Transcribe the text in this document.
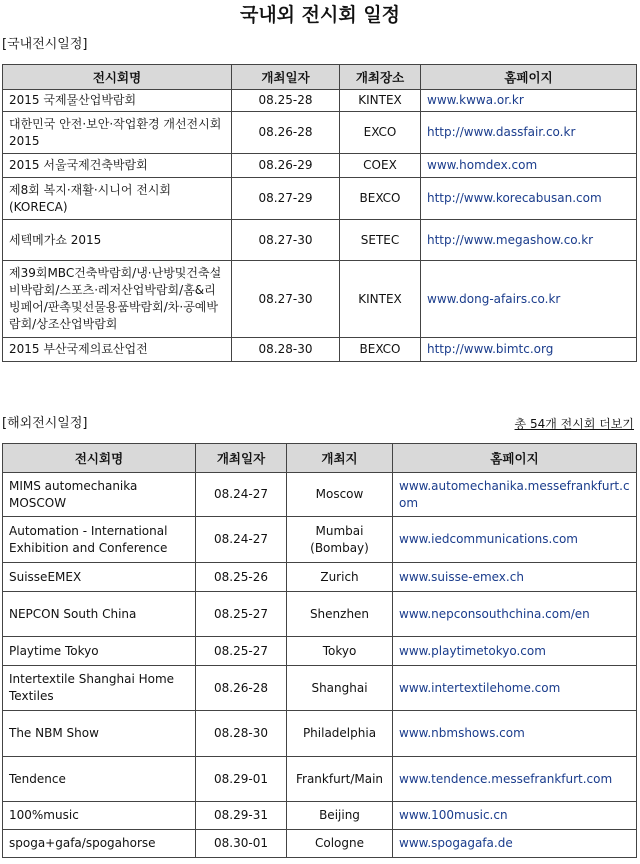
국내외 전시회 일정
[국내전시일정]
전시회명	개최일자	개최장소	홈페이지
2015 국제물산업박람회	08.25-28	KINTEX	www.kwwa.or.kr
대한민국 안전·보안·작업환경 개선전시회 2015	08.26-28	EXCO	http://www.dassfair.co.kr
2015 서울국제건축박람회	08.26-29	COEX	www.homdex.com
제8회 복지·재활·시니어 전시회(KORECA)	08.27-29	BEXCO	http://www.korecabusan.com
세텍메가쇼 2015	08.27-30	SETEC	http://www.megashow.co.kr
제39회MBC건축박람회/냉·난방및건축설비박람회/스포츠·레저산업박람회/홈&리빙페어/판촉및선물용품박람회/차·공예박람회/상조산업박람회	08.27-30	KINTEX	www.dong-afairs.co.kr
2015 부산국제의료산업전	08.28-30	BEXCO	http://www.bimtc.org
[해외전시일정]	총 54개 전시회 더보기
전시회명	개최일자	개최지	홈페이지
MIMS automechanika MOSCOW	08.24-27	Moscow	www.automechanika.messefrankfurt.com
Automation - International Exhibition and Conference	08.24-27	Mumbai (Bombay)	www.iedcommunications.com
SuisseEMEX	08.25-26	Zurich	www.suisse-emex.ch
NEPCON South China	08.25-27	Shenzhen	www.nepconsouthchina.com/en
Playtime Tokyo	08.25-27	Tokyo	www.playtimetokyo.com
Intertextile Shanghai Home Textiles	08.26-28	Shanghai	www.intertextilehome.com
The NBM Show	08.28-30	Philadelphia	www.nbmshows.com
Tendence	08.29-01	Frankfurt/Main	www.tendence.messefrankfurt.com
100%music	08.29-31	Beijing	www.100music.cn
spoga+gafa/spogahorse	08.30-01	Cologne	www.spogagafa.de
